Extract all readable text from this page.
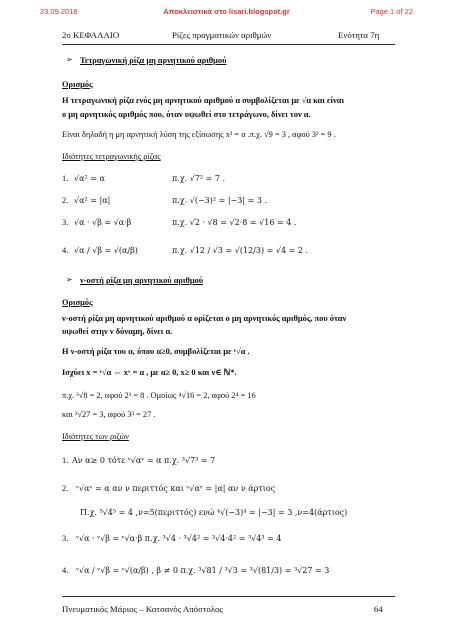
23.09.2018	Αποκλειστικά στο lisari.blogspot.gr	Page 1 of 22
2ο ΚΕΦΑΛΑΙΟ	Ρίζες πραγματικών αριθμών	Ενότητα 7η
➢ Τετραγωνική ρίζα μη αρνητικού αριθμού
Ορισμός
Η τετραγωνική ρίζα ενός μη αρνητικού αριθμού α συμβολίζεται με √α και είναι
ο μη αρνητικός αριθμός που, όταν υψωθεί στο τετράγωνο, δίνει τον α.
Είναι δηλαδή η μη αρνητική λύση της εξίσωσης x² = α .π.χ. √9 = 3 , αφού 3² = 9 .
Ιδιότητες τετραγωνικής ρίζας
1. √α² = α	π.χ. √7² = 7 .
2. √α² = |α|	π.χ. √(−3)² = |−3| = 3 .
3. √α · √β = √α·β	π.χ. √2 · √8 = √2·8 = √16 = 4 .
4. √α / √β = √(α/β)	π.χ. √12 / √3 = √(12/3) = √4 = 2 .
➢ ν-οστή ρίζα μη αρνητικού αριθμού
Ορισμός
ν-οστή ρίζα μη αρνητικού αριθμού α ορίζεται ο μη αρνητικός αριθμός, που όταν
υψωθεί στην ν δύναμη, δίνει α.
Η ν-οστή ρίζα του α, όπου α≥0, συμβολίζεται με ᵛ√α .
Ισχύει x = ᵛ√α ⇔ xᵛ = α , με α≥ 0, x≥ 0 και ν∈ ℕ*.
π.χ. ³√8 = 2, αφού 2³ = 8 . Ομοίως ⁴√16 = 2, αφού 2⁴ = 16
και ³√27 = 3, αφού 3³ = 27 .
Ιδιότητες των ριζών
1. Αν α≥ 0 τότε ᵛ√αᵛ = α π.χ. ³√7³ = 7
2. ᵛ√αᵛ = α αν ν περιττός και ᵛ√αᵛ = |α| αν ν άρτιος
Π.χ. ⁵√4⁵ = 4 ,ν=5(περιττός) ενώ ⁴√(−3)⁴ = |−3| = 3 ,ν=4(άρτιος)
3. ᵛ√α · ᵛ√β = ᵛ√α·β π.χ. ³√4 · ³√4² = ³√4·4² = ³√4³ = 4
4. ᵛ√α / ᵛ√β = ᵛ√(α/β) , β ≠ 0 π.χ. ³√81 / ³√3 = ³√(81/3) = ³√27 = 3
Πνευματικός Μάριος – Κατσανός Απόστολος	64
